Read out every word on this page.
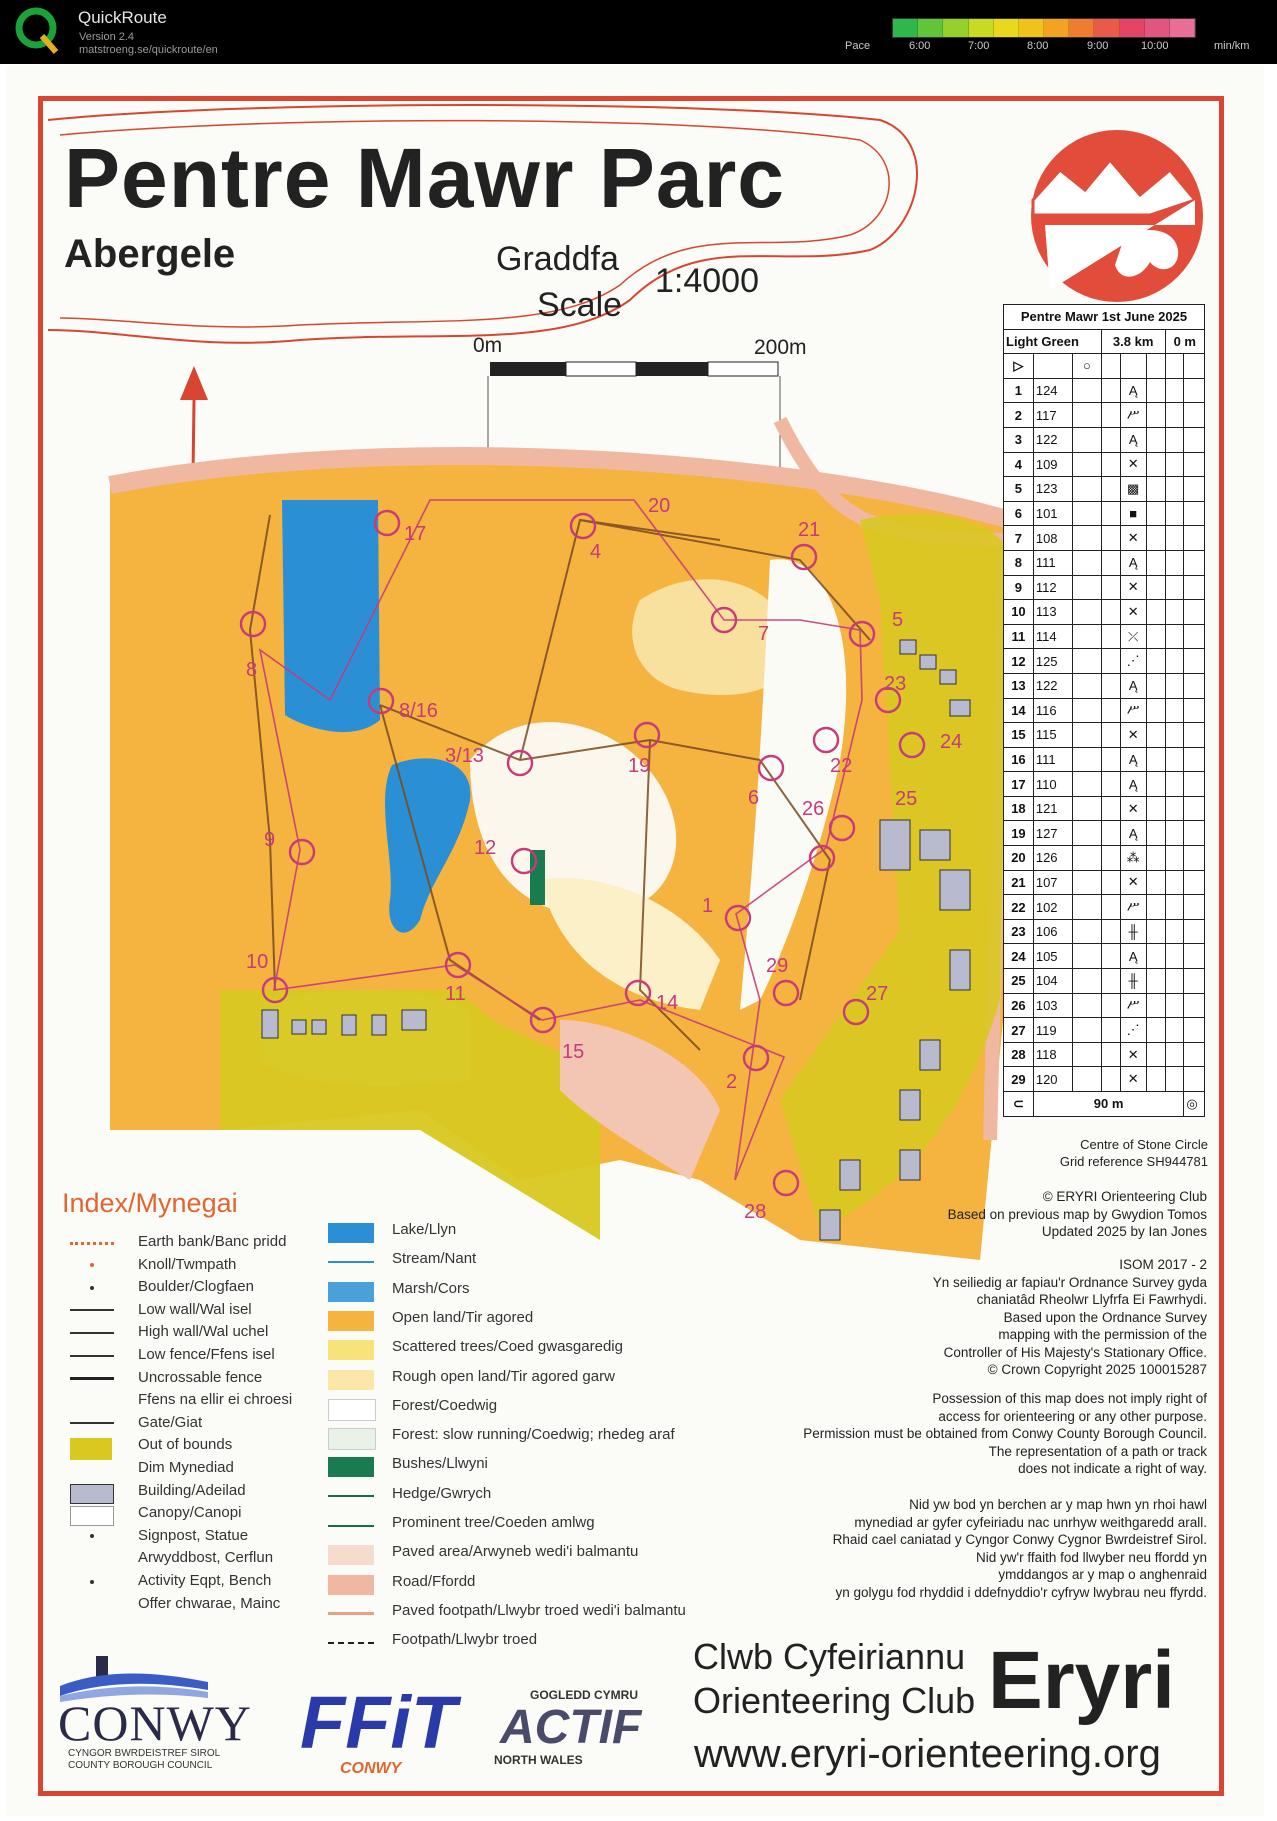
QuickRoute
Version 2.4
matstroeng.se/quickroute/en	Pace	6:00	7:00	8:00	9:00	10:00	min/km
17
20
21
4
7
5
8
8/16
23
24
3/13	19	22
25
6 26
9	12
1
10
11	14
29
27
15
2
28
Pentre Mawr Parc
Abergele	Graddfa
Scale
1:4000
0m	200m
Pentre Mawr 1st June 2025							
Light Green			3.8 km			0 m	
▷		○					
1	124			Ą			
2	117			ሥ			
3	122			Ą			
4	109			✕			
5	123			▩			
6	101			■			
7	108			✕			
8	111			Ą			
9	112			✕			
10	113			✕			
11	114			⤫			
12	125			⋰			
13	122			Ą			
14	116			ሥ			
15	115			✕			
16	111			Ą			
17	110			Ą			
18	121			✕			
19	127			Ą			
20	126			⁂			
21	107			✕			
22	102			ሥ			
23	106			╫			
24	105			Ą			
25	104			╫			
26	103			ሥ			
27	119			⋰			
28	118			✕			
29	120			✕			
⊂	90 m						◎
Centre of Stone Circle
Grid reference SH944781
Index/Mynegai
Earth bank/Banc pridd
Knoll/Twmpath
Boulder/Clogfaen
Low wall/Wal isel
High wall/Wal uchel
Low fence/Ffens isel
Uncrossable fence
Ffens na ellir ei chroesi
Gate/Giat
Out of bounds
Dim Mynediad
Building/Adeilad
Canopy/Canopi
Signpost, Statue
Arwyddbost, Cerflun
Activity Eqpt, Bench
Offer chwarae, Mainc
Lake/Llyn
Stream/Nant
Marsh/Cors
Open land/Tir agored
Scattered trees/Coed gwasgaredig
Rough open land/Tir agored garw
Forest/Coedwig
Forest: slow running/Coedwig; rhedeg araf
Bushes/Llwyni
Hedge/Gwrych
Prominent tree/Coeden amlwg
Paved area/Arwyneb wedi'i balmantu
Road/Ffordd
Paved footpath/Llwybr troed wedi'i balmantu
Footpath/Llwybr troed
© ERYRI Orienteering Club
Based on previous map by Gwydion Tomos
Updated 2025 by Ian Jones
ISOM 2017 - 2
Yn seiliedig ar fapiau'r Ordnance Survey gyda
chaniatâd Rheolwr Llyfrfa Ei Fawrhydi.
Based upon the Ordnance Survey
mapping with the permission of the
Controller of His Majesty's Stationary Office.
© Crown Copyright 2025 100015287
Possession of this map does not imply right of
access for orienteering or any other purpose.
Permission must be obtained from Conwy County Borough Council.
The representation of a path or track
does not indicate a right of way.
Nid yw bod yn berchen ar y map hwn yn rhoi hawl
mynediad ar gyfer cyfeiriadu nac unrhyw weithgaredd arall.
Rhaid cael caniatad y Cyngor Conwy Cygnor Bwrdeistref Sirol.
Nid yw'r ffaith fod llwyber neu ffordd yn
ymddangos ar y map o anghenraid
yn golygu fod rhyddid i ddefnyddio'r cyfryw lwybrau neu ffyrdd.
CONWY
CYNGOR BWRDEISTREF SIROL
COUNTY BOROUGH COUNCIL
FFiT
CONWY
GOGLEDD CYMRU
ACTIF
NORTH WALES
Clwb Cyfeiriannu
Orienteering Club Eryri
www.eryri-orienteering.org
